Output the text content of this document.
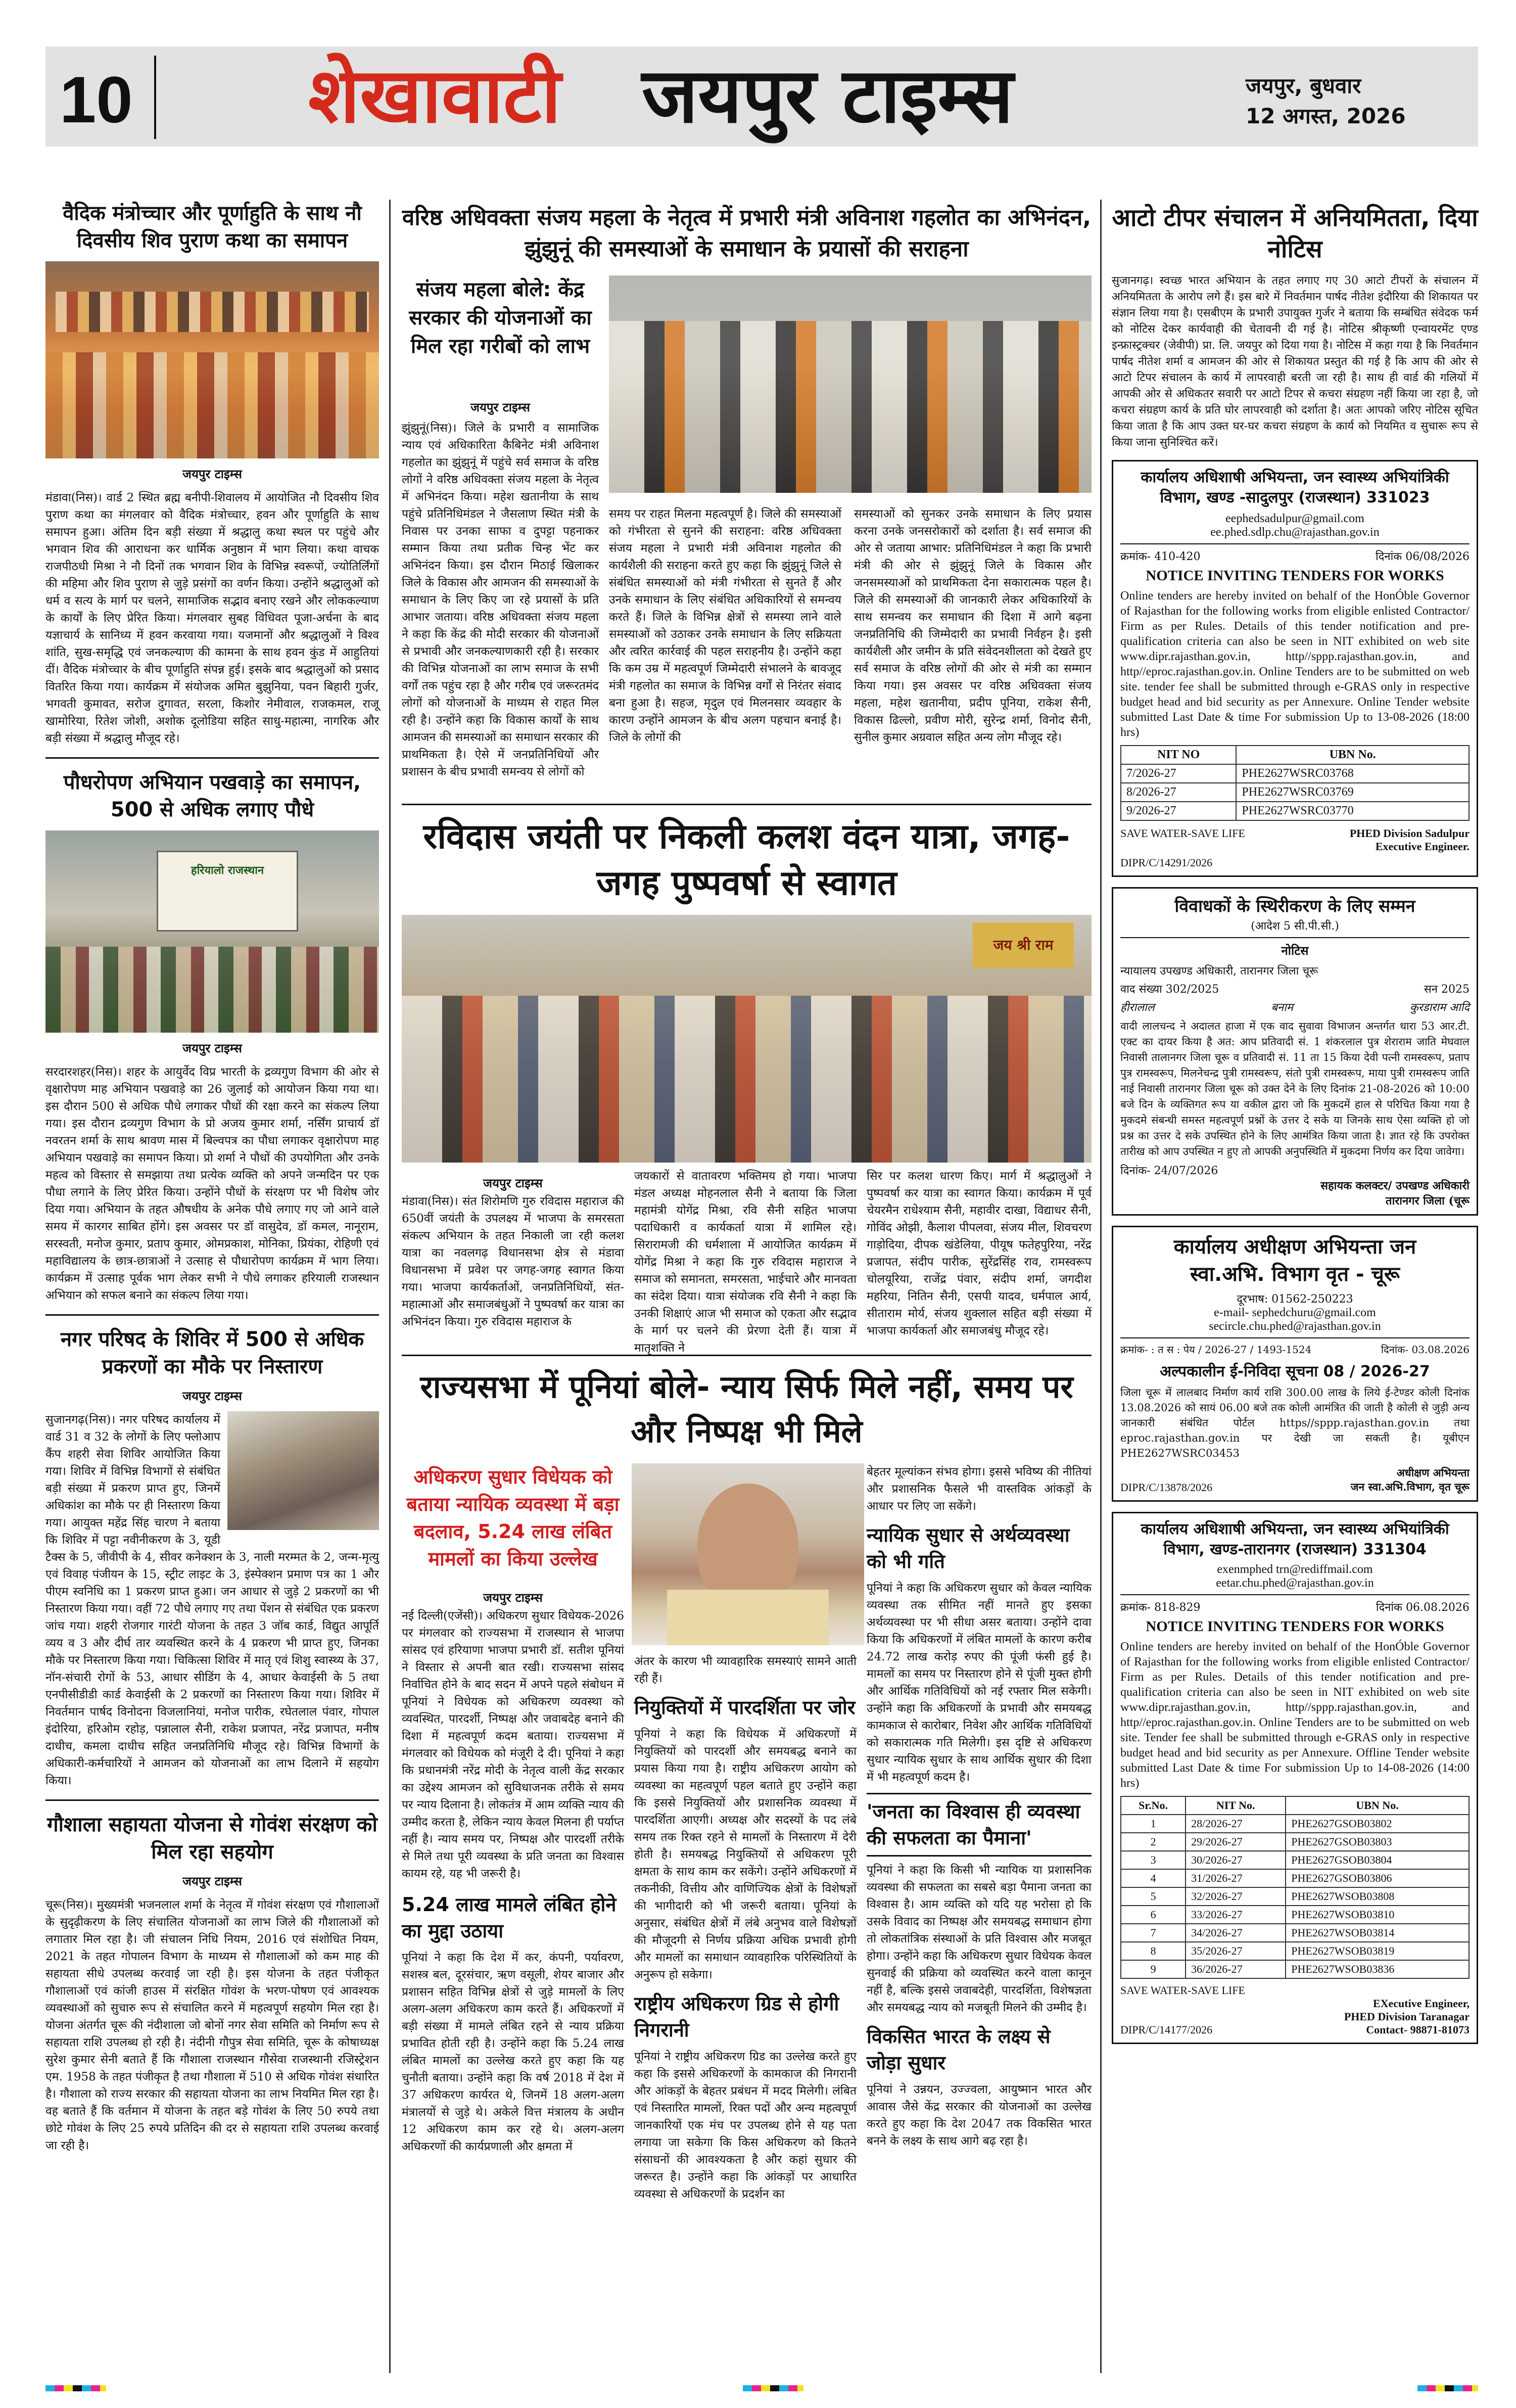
10 शेखावाटी जयपुर टाइम्स	जयपुर, बुधवार
12 अगस्त, 2026
वैदिक मंत्रोच्चार और पूर्णाहुति के साथ नौ दिवसीय शिव पुराण कथा का समापन
जयपुर टाइम्स
मंडावा(निस)। वार्ड 2 स्थित ब्रह्म बनीपी-शिवालय में आयोजित नौ दिवसीय शिव पुराण कथा का मंगलवार को वैदिक मंत्रोच्चार, हवन और पूर्णाहुति के साथ समापन हुआ। अंतिम दिन बड़ी संख्या में श्रद्धालु कथा स्थल पर पहुंचे और भगवान शिव की आराधना कर धार्मिक अनुष्ठान में भाग लिया। कथा वाचक राजपीठधी मिश्रा ने नौ दिनों तक भगवान शिव के विभिन्न स्वरूपों, ज्योतिर्लिंगों की महिमा और शिव पुराण से जुड़े प्रसंगों का वर्णन किया। उन्होंने श्रद्धालुओं को धर्म व सत्य के मार्ग पर चलने, सामाजिक सद्भाव बनाए रखने और लोककल्याण के कार्यों के लिए प्रेरित किया। मंगलवार सुबह विधिवत पूजा-अर्चना के बाद यज्ञाचार्य के सानिध्य में हवन करवाया गया। यजमानों और श्रद्धालुओं ने विश्व शांति, सुख-समृद्धि एवं जनकल्याण की कामना के साथ हवन कुंड में आहुतियां दीं। वैदिक मंत्रोच्चार के बीच पूर्णाहुति संपन्न हुई। इसके बाद श्रद्धालुओं को प्रसाद वितरित किया गया। कार्यक्रम में संयोजक अमित बुझुनिया, पवन बिहारी गुर्जर, भगवती कुमावत, सरोज दुगावत, सरला, किशोर नेमीवाल, राजकमल, राजू खामोरिया, रितेश जोशी, अशोक दूलोडिया सहित साधु-महात्मा, नागरिक और बड़ी संख्या में श्रद्धालु मौजूद रहे।
पौधरोपण अभियान पखवाड़े का समापन, 500 से अधिक लगाए पौधे
हरियालो राजस्थान
जयपुर टाइम्स
सरदारशहर(निस)। शहर के आयुर्वेद विप्र भारती के द्रव्यगुण विभाग की ओर से वृक्षारोपण माह अभियान पखवाड़े का 26 जुलाई को आयोजन किया गया था। इस दौरान 500 से अधिक पौधे लगाकर पौधों की रक्षा करने का संकल्प लिया गया। इस दौरान द्रव्यगुण विभाग के प्रो अजय कुमार शर्मा, नर्सिंग प्राचार्य डॉ नवरतन शर्मा के साथ श्रावण मास में बिल्वपत्र का पौधा लगाकर वृक्षारोपण माह अभियान पखवाड़े का समापन किया। प्रो शर्मा ने पौधों की उपयोगिता और उनके महत्व को विस्तार से समझाया तथा प्रत्येक व्यक्ति को अपने जन्मदिन पर एक पौधा लगाने के लिए प्रेरित किया। उन्होंने पौधों के संरक्षण पर भी विशेष जोर दिया गया। अभियान के तहत औषधीय के अनेक पौधे लगाए गए जो आने वाले समय में कारगर साबित होंगे। इस अवसर पर डॉ वासुदेव, डॉ कमल, नानूराम, सरस्वती, मनोज कुमार, प्रताप कुमार, ओमप्रकाश, मोनिका, प्रियंका, रोहिणी एवं महाविद्यालय के छात्र-छात्राओं ने उत्साह से पौधारोपण कार्यक्रम में भाग लिया। कार्यक्रम में उत्साह पूर्वक भाग लेकर सभी ने पौधे लगाकर हरियाली राजस्थान अभियान को सफल बनाने का संकल्प लिया गया।
नगर परिषद के शिविर में 500 से अधिक प्रकरणों का मौके पर निस्तारण
जयपुर टाइम्स
सुजानगढ़(निस)। नगर परिषद कार्यालय में वार्ड 31 व 32 के लोगों के लिए फ्लोआप कैंप शहरी सेवा शिविर आयोजित किया गया। शिविर में विभिन्न विभागों से संबंधित बड़ी संख्या में प्रकरण प्राप्त हुए, जिनमें अधिकांश का मौके पर ही निस्तारण किया गया। आयुक्त महेंद्र सिंह चारण ने बताया कि शिविर में पट्टा नवीनीकरण के 3, यूडी टैक्स के 5, जीवीपी के 4, सीवर कनेक्शन के 3, नाली मरम्मत के 2, जन्म-मृत्यु एवं विवाह पंजीयन के 15, स्ट्रीट लाइट के 3, इंस्पेक्शन प्रमाण पत्र का 1 और पीएम स्वनिधि का 1 प्रकरण प्राप्त हुआ। जन आधार से जुड़े 2 प्रकरणों का भी निस्तारण किया गया। वहीं 72 पौधे लगाए गए तथा पेंशन से संबंधित एक प्रकरण जांच गया। शहरी रोजगार गारंटी योजना के तहत 3 जॉब कार्ड, विद्युत आपूर्ति व्यय व 3 और दीर्घ तार व्यवस्थित करने के 4 प्रकरण भी प्राप्त हुए, जिनका मौके पर निस्तारण किया गया। चिकित्सा शिविर में मातृ एवं शिशु स्वास्थ्य के 37, नॉन-संचारी रोगों के 53, आधार सीडिंग के 4, आधार केवाईसी के 5 तथा एनपीसीडीडी कार्ड केवाईसी के 2 प्रकरणों का निस्तारण किया गया। शिविर में निवर्तमान पार्षद विनोदना विजलानियां, मनोज पारीक, रघेतलाल पंवार, गोपाल इंदोरिया, हरिओम रहोड़, पन्नालाल सैनी, राकेश प्रजापत, नरेंद्र प्रजापत, मनीष दाधीच, कमला दाधीच सहित जनप्रतिनिधि मौजूद रहे। विभिन्न विभागों के अधिकारी-कर्मचारियों ने आमजन को योजनाओं का लाभ दिलाने में सहयोग किया।
गौशाला सहायता योजना से गोवंश संरक्षण को मिल रहा सहयोग
जयपुर टाइम्स
चूरू(निस)। मुख्यमंत्री भजनलाल शर्मा के नेतृत्व में गोवंश संरक्षण एवं गौशालाओं के सुदृढ़ीकरण के लिए संचालित योजनाओं का लाभ जिले की गौशालाओं को लगातार मिल रहा है। जी संचालन निधि नियम, 2016 एवं संशोधित नियम, 2021 के तहत गोपालन विभाग के माध्यम से गौशालाओं को कम माह की सहायता सीधे उपलब्ध करवाई जा रही है। इस योजना के तहत पंजीकृत गौशालाओं एवं कांजी हाउस में संरक्षित गोवंश के भरण-पोषण एवं आवश्यक व्यवस्थाओं को सुचारु रूप से संचालित करने में महत्वपूर्ण सहयोग मिल रहा है। योजना अंतर्गत चूरू की नंदीशाला जो बोनों नगर सेवा समिति को निर्माण रूप से सहायता राशि उपलब्ध हो रही है। नंदीनी गौपुत्र सेवा समिति, चूरू के कोषाध्यक्ष सुरेश कुमार सेनी बताते हैं कि गौशाला राजस्थान गौसेवा राजस्थानी रजिस्ट्रेशन एम. 1958 के तहत पंजीकृत है तथा गौशाला में 510 से अधिक गोवंश संधारित है। गौशाला को राज्य सरकार की सहायता योजना का लाभ नियमित मिल रहा है। वह बताते हैं कि वर्तमान में योजना के तहत बड़े गोवंश के लिए 50 रुपये तथा छोटे गोवंश के लिए 25 रुपये प्रतिदिन की दर से सहायता राशि उपलब्ध करवाई जा रही है।
वरिष्ठ अधिवक्ता संजय महला के नेतृत्व में प्रभारी मंत्री अविनाश गहलोत का अभिनंदन, झुंझुनूं की समस्याओं के समाधान के प्रयासों की सराहना
संजय महला बोले: केंद्र सरकार की योजनाओं का मिल रहा गरीबों को लाभ
जयपुर टाइम्स
झुंझुनूं(निस)। जिले के प्रभारी व सामाजिक न्याय एवं अधिकारिता कैबिनेट मंत्री अविनाश गहलोत का झुंझुनूं में पहुंचे सर्व समाज के वरिष्ठ लोगों ने वरिष्ठ अधिवक्ता संजय महला के नेतृत्व में अभिनंदन किया। महेश खतानीया के साथ पहुंचे प्रतिनिधिमंडल ने जैसलाण स्थित मंत्री के निवास पर उनका साफा व दुपट्टा पहनाकर सम्मान किया तथा प्रतीक चिन्ह भेंट कर अभिनंदन किया। इस दौरान मिठाई खिलाकर जिले के विकास और आमजन की समस्याओं के समाधान के लिए किए जा रहे प्रयासों के प्रति आभार जताया। वरिष्ठ अधिवक्ता संजय महला ने कहा कि केंद्र की मोदी सरकार की योजनाओं से प्रभावी और जनकल्याणकारी रही है। सरकार की विभिन्न योजनाओं का लाभ समाज के सभी वर्गों तक पहुंच रहा है और गरीब एवं जरूरतमंद लोगों को योजनाओं के माध्यम से राहत मिल रही है। उन्होंने कहा कि विकास कार्यों के साथ आमजन की समस्याओं का समाधान सरकार की प्राथमिकता है। ऐसे में जनप्रतिनिधियों और प्रशासन के बीच प्रभावी समन्वय से लोगों को
समय पर राहत मिलना महत्वपूर्ण है। जिले की समस्याओं को गंभीरता से सुनने की सराहना: वरिष्ठ अधिवक्ता संजय महला ने प्रभारी मंत्री अविनाश गहलोत की कार्यशैली की सराहना करते हुए कहा कि झुंझुनूं जिले से संबंधित समस्याओं को मंत्री गंभीरता से सुनते हैं और उनके समाधान के लिए संबंधित अधिकारियों से समन्वय करते हैं। जिले के विभिन्न क्षेत्रों से समस्या लाने वाले समस्याओं को उठाकर उनके समाधान के लिए सक्रियता और त्वरित कार्रवाई की पहल सराहनीय है। उन्होंने कहा कि कम उम्र में महत्वपूर्ण जिम्मेदारी संभालने के बावजूद मंत्री गहलोत का समाज के विभिन्न वर्गों से निरंतर संवाद बना हुआ है। सहज, मृदुल एवं मिलनसार व्यवहार के कारण उन्होंने आमजन के बीच अलग पहचान बनाई है। जिले के लोगों की
समस्याओं को सुनकर उनके समाधान के लिए प्रयास करना उनके जनसरोकारों को दर्शाता है। सर्व समाज की ओर से जताया आभार: प्रतिनिधिमंडल ने कहा कि प्रभारी मंत्री की ओर से झुंझुनूं जिले के विकास और जनसमस्याओं को प्राथमिकता देना सकारात्मक पहल है। जिले की समस्याओं की जानकारी लेकर अधिकारियों के साथ समन्वय कर समाधान की दिशा में आगे बढ़ना जनप्रतिनिधि की जिम्मेदारी का प्रभावी निर्वहन है। इसी कार्यशैली और जमीन के प्रति संवेदनशीलता को देखते हुए सर्व समाज के वरिष्ठ लोगों की ओर से मंत्री का सम्मान किया गया। इस अवसर पर वरिष्ठ अधिवक्ता संजय महला, महेश खतानीया, प्रदीप पूनिया, राकेश सैनी, विकास ढिल्लो, प्रवीण मोरी, सुरेन्द्र शर्मा, विनोद सैनी, सुनील कुमार अग्रवाल सहित अन्य लोग मौजूद रहे।
रविदास जयंती पर निकली कलश वंदन यात्रा, जगह-जगह पुष्पवर्षा से स्वागत
जय श्री राम
जयपुर टाइम्स
मंडावा(निस)। संत शिरोमणि गुरु रविदास महाराज की 650वीं जयंती के उपलक्ष्य में भाजपा के समरसता संकल्प अभियान के तहत निकाली जा रही कलश यात्रा का नवलगढ़ विधानसभा क्षेत्र से मंडावा विधानसभा में प्रवेश पर जगह-जगह स्वागत किया गया। भाजपा कार्यकर्ताओं, जनप्रतिनिधियों, संत-महात्माओं और समाजबंधुओं ने पुष्पवर्षा कर यात्रा का अभिनंदन किया। गुरु रविदास महाराज के
जयकारों से वातावरण भक्तिमय हो गया। भाजपा मंडल अध्यक्ष मोहनलाल सैनी ने बताया कि जिला महामंत्री योगेंद्र मिश्रा, रवि सैनी सहित भाजपा पदाधिकारी व कार्यकर्ता यात्रा में शामिल रहे। सिरारामजी की धर्मशाला में आयोजित कार्यक्रम में योगेंद्र मिश्रा ने कहा कि गुरु रविदास महाराज ने समाज को समानता, समरसता, भाईचारे और मानवता का संदेश दिया। यात्रा संयोजक रवि सैनी ने कहा कि उनकी शिक्षाएं आज भी समाज को एकता और सद्भाव के मार्ग पर चलने की प्रेरणा देती हैं। यात्रा में मातृशक्ति ने
सिर पर कलश धारण किए। मार्ग में श्रद्धालुओं ने पुष्पवर्षा कर यात्रा का स्वागत किया। कार्यक्रम में पूर्व चेयरमैन राधेश्याम सैनी, महावीर दाखा, विद्याधर सैनी, गोविंद ओझी, कैलाश पीपलवा, संजय मील, शिवचरण गाड़ोदिया, दीपक खंडेलिया, पीयूष फतेहपुरिया, नरेंद्र प्रजापत, संदीप पारीक, सुरेंद्रसिंह राव, रामस्वरूप चोलयूरिया, राजेंद्र पंवार, संदीप शर्मा, जगदीश महरिया, नितिन सैनी, एसपी यादव, धर्मपाल आर्य, सीताराम मोर्य, संजय शुक्लाल सहित बड़ी संख्या में भाजपा कार्यकर्ता और समाजबंधु मौजूद रहे।
राज्यसभा में पूनियां बोले- न्याय सिर्फ मिले नहीं, समय पर और निष्पक्ष भी मिले
अधिकरण सुधार विधेयक को बताया न्यायिक व्यवस्था में बड़ा बदलाव, 5.24 लाख लंबित मामलों का किया उल्लेख
जयपुर टाइम्स
नई दिल्ली(एजेंसी)। अधिकरण सुधार विधेयक-2026 पर मंगलवार को राज्यसभा में राजस्थान से भाजपा सांसद एवं हरियाणा भाजपा प्रभारी डॉ. सतीश पूनियां ने विस्तार से अपनी बात रखी। राज्यसभा सांसद निर्वाचित होने के बाद सदन में अपने पहले संबोधन में पूनियां ने विधेयक को अधिकरण व्यवस्था को व्यवस्थित, पारदर्शी, निष्पक्ष और जवाबदेह बनाने की दिशा में महत्वपूर्ण कदम बताया। राज्यसभा में मंगलवार को विधेयक को मंजूरी दे दी। पूनियां ने कहा कि प्रधानमंत्री नरेंद्र मोदी के नेतृत्व वाली केंद्र सरकार का उद्देश्य आमजन को सुविधाजनक तरीके से समय पर न्याय दिलाना है। लोकतंत्र में आम व्यक्ति न्याय की उम्मीद करता है, लेकिन न्याय केवल मिलना ही पर्याप्त नहीं है। न्याय समय पर, निष्पक्ष और पारदर्शी तरीके से मिले तथा पूरी व्यवस्था के प्रति जनता का विश्वास कायम रहे, यह भी जरूरी है।
5.24 लाख मामले लंबित होने का मुद्दा उठाया
पूनियां ने कहा कि देश में कर, कंपनी, पर्यावरण, सशस्त्र बल, दूरसंचार, ऋण वसूली, शेयर बाजार और प्रशासन सहित विभिन्न क्षेत्रों से जुड़े मामलों के लिए अलग-अलग अधिकरण काम करते हैं। अधिकरणों में बड़ी संख्या में मामले लंबित रहने से न्याय प्रक्रिया प्रभावित होती रही है। उन्होंने कहा कि 5.24 लाख लंबित मामलों का उल्लेख करते हुए कहा कि यह चुनौती बताया। उन्होंने कहा कि वर्ष 2018 में देश में 37 अधिकरण कार्यरत थे, जिनमें 18 अलग-अलग मंत्रालयों से जुड़े थे। अकेले वित्त मंत्रालय के अधीन 12 अधिकरण काम कर रहे थे। अलग-अलग अधिकरणों की कार्यप्रणाली और क्षमता में
अंतर के कारण भी व्यावहारिक समस्याएं सामने आती रही हैं।
नियुक्तियों में पारदर्शिता पर जोर
पूनियां ने कहा कि विधेयक में अधिकरणों में नियुक्तियों को पारदर्शी और समयबद्ध बनाने का प्रयास किया गया है। राष्ट्रीय अधिकरण आयोग को व्यवस्था का महत्वपूर्ण पहल बताते हुए उन्होंने कहा कि इससे नियुक्तियों और प्रशासनिक व्यवस्था में पारदर्शिता आएगी। अध्यक्ष और सदस्यों के पद लंबे समय तक रिक्त रहने से मामलों के निस्तारण में देरी होती है। समयबद्ध नियुक्तियों से अधिकरण पूरी क्षमता के साथ काम कर सकेंगे। उन्होंने अधिकरणों में तकनीकी, वित्तीय और वाणिज्यिक क्षेत्रों के विशेषज्ञों की भागीदारी को भी जरूरी बताया। पूनियां के अनुसार, संबंधित क्षेत्रों में लंबे अनुभव वाले विशेषज्ञों की मौजूदगी से निर्णय प्रक्रिया अधिक प्रभावी होगी और मामलों का समाधान व्यावहारिक परिस्थितियों के अनुरूप हो सकेगा।
राष्ट्रीय अधिकरण ग्रिड से होगी निगरानी
पूनियां ने राष्ट्रीय अधिकरण ग्रिड का उल्लेख करते हुए कहा कि इससे अधिकरणों के कामकाज की निगरानी और आंकड़ों के बेहतर प्रबंधन में मदद मिलेगी। लंबित एवं निस्तारित मामलों, रिक्त पदों और अन्य महत्वपूर्ण जानकारियों एक मंच पर उपलब्ध होने से यह पता लगाया जा सकेगा कि किस अधिकरण को कितने संसाधनों की आवश्यकता है और कहां सुधार की जरूरत है। उन्होंने कहा कि आंकड़ों पर आधारित व्यवस्था से अधिकरणों के प्रदर्शन का
बेहतर मूल्यांकन संभव होगा। इससे भविष्य की नीतियां और प्रशासनिक फैसले भी वास्तविक आंकड़ों के आधार पर लिए जा सकेंगे।
न्यायिक सुधार से अर्थव्यवस्था को भी गति
पूनियां ने कहा कि अधिकरण सुधार को केवल न्यायिक व्यवस्था तक सीमित नहीं मानते हुए इसका अर्थव्यवस्था पर भी सीधा असर बताया। उन्होंने दावा किया कि अधिकरणों में लंबित मामलों के कारण करीब 24.72 लाख करोड़ रुपए की पूंजी फंसी हुई है। मामलों का समय पर निस्तारण होने से पूंजी मुक्त होगी और आर्थिक गतिविधियों को नई रफ्तार मिल सकेगी। उन्होंने कहा कि अधिकरणों के प्रभावी और समयबद्ध कामकाज से कारोबार, निवेश और आर्थिक गतिविधियों को सकारात्मक गति मिलेगी। इस दृष्टि से अधिकरण सुधार न्यायिक सुधार के साथ आर्थिक सुधार की दिशा में भी महत्वपूर्ण कदम है।
'जनता का विश्वास ही व्यवस्था की सफलता का पैमाना'
पूनियां ने कहा कि किसी भी न्यायिक या प्रशासनिक व्यवस्था की सफलता का सबसे बड़ा पैमाना जनता का विश्वास है। आम व्यक्ति को यदि यह भरोसा हो कि उसके विवाद का निष्पक्ष और समयबद्ध समाधान होगा तो लोकतांत्रिक संस्थाओं के प्रति विश्वास और मजबूत होगा। उन्होंने कहा कि अधिकरण सुधार विधेयक केवल सुनवाई की प्रक्रिया को व्यवस्थित करने वाला कानून नहीं है, बल्कि इससे जवाबदेही, पारदर्शिता, विशेषज्ञता और समयबद्ध न्याय को मजबूती मिलने की उम्मीद है।
विकसित भारत के लक्ष्य से जोड़ा सुधार
पूनियां ने उन्नयन, उज्ज्वला, आयुष्मान भारत और आवास जैसे केंद्र सरकार की योजनाओं का उल्लेख करते हुए कहा कि देश 2047 तक विकसित भारत बनने के लक्ष्य के साथ आगे बढ़ रहा है।
आटो टीपर संचालन में अनियमितता, दिया नोटिस
सुजानगढ़। स्वच्छ भारत अभियान के तहत लगाए गए 30 आटो टीपरों के संचालन में अनियमितता के आरोप लगे हैं। इस बारे में निवर्तमान पार्षद नीतेश इंदौरिया की शिकायत पर संज्ञान लिया गया है। एसबीएम के प्रभारी उपायुक्त गुर्जर ने बताया कि सम्बंधित संवेदक फर्म को नोटिस देकर कार्यवाही की चेतावनी दी गई है। नोटिस श्रीकृष्णी एन्वायरमेंट एण्ड इन्फ्रास्ट्रक्चर (जेवीपी) प्रा. लि. जयपुर को दिया गया है। नोटिस में कहा गया है कि निवर्तमान पार्षद नीतेश शर्मा व आमजन की ओर से शिकायत प्रस्तुत की गई है कि आप की ओर से आटो टिपर संचालन के कार्य में लापरवाही बरती जा रही है। साथ ही वार्ड की गलियों में आपकी ओर से अधिकतर सवारी पर आटो टिपर से कचरा संग्रहण नहीं किया जा रहा है, जो कचरा संग्रहण कार्य के प्रति घोर लापरवाही को दर्शाता है। अतः आपको जरिए नोटिस सूचित किया जाता है कि आप उक्त घर-घर कचरा संग्रहण के कार्य को नियमित व सुचारू रूप से किया जाना सुनिश्चित करें।
कार्यालय अधिशाषी अभियन्ता, जन स्वास्थ्य अभियांत्रिकी विभाग, खण्ड -सादुलपुर (राजस्थान) 331023
eephedsadulpur@gmail.com
ee.phed.sdlp.chu@rajasthan.gov.in
क्रमांक- 410-420	दिनांक 06/08/2026
NOTICE INVITING TENDERS FOR WORKS
Online tenders are hereby invited on behalf of the HonÓble Governor of Rajasthan for the following works from eligible enlisted Contractor/ Firm as per Rules. Details of this tender notification and pre-qualification criteria can also be seen in NIT exhibited on web site www.dipr.rajasthan.gov.in, http//sppp.rajasthan.gov.in, and http//eproc.rajasthan.gov.in. Online Tenders are to be submitted on web site. tender fee shall be submitted through e-GRAS only in respective budget head and bid security as per Annexure. Online Tender website submitted Last Date & time For submission Up to 13-08-2026 (18:00 hrs)
NIT NO	UBN No.
7/2026-27	PHE2627WSRC03768
8/2026-27	PHE2627WSRC03769
9/2026-27	PHE2627WSRC03770
SAVE WATER-SAVE LIFE	PHED Division Sadulpur
Executive Engineer.
DIPR/C/14291/2026
विवाधकों के स्थिरीकरण के लिए सम्मन
(आदेश 5 सी.पी.सी.)
नोटिस
न्यायालय उपखण्ड अधिकारी, तारानगर जिला चूरू
वाद संख्या 302/2025	सन 2025
हीरालाल	बनाम	कुरडाराम आदि
वादी लालचन्द ने अदालत हाजा में एक वाद सुवावा विभाजन अन्तर्गत धारा 53 आर.टी. एक्ट का दायर किया है अत: आप प्रतिवादी सं. 1 शंकरलाल पुत्र शेराराम जाति मेघवाल निवासी तालानगर जिला चूरू व प्रतिवादी सं. 11 ता 15 किया देवी पत्नी रामस्वरूप, प्रताप पुत्र रामस्वरूप, मिलनेचन्द्र पुत्री रामस्वरूप, संतो पुत्री रामस्वरूप, माया पुत्री रामस्वरूप जाति नाई निवासी तारानगर जिला चूरू को उक्त देने के लिए दिनांक 21-08-2026 को 10:00 बजे दिन के व्यक्तिगत रूप या वकील द्वारा जो कि मुकदमें हाल से परिचित किया गया है मुकदमे संबन्धी समस्त महत्वपूर्ण प्रश्नों के उत्तर दे सके या जिनके साथ ऐसा व्यक्ति हो जो प्रश्न का उत्तर दे सके उपस्थित होने के लिए आमंत्रित किया जाता है। ज्ञात रहे कि उपरोक्त तारीख को आप उपस्थित न हुए तो आपकी अनुपस्थिति में मुकदमा निर्णय कर दिया जावेगा।
दिनांक- 24/07/2026
सहायक कलक्टर/ उपखण्ड अधिकारी
तारानगर जिला (चूरू
कार्यालय अधीक्षण अभियन्ता जन
स्वा.अभि. विभाग वृत - चूरू
दूरभाष: 01562-250223
e-mail- sephedchuru@gmail.com
secircle.chu.phed@rajasthan.gov.in
क्रमांक- : त स : पेय / 2026-27 / 1493-1524	दिनांक- 03.08.2026
अल्पकालीन ई-निविदा सूचना 08 / 2026-27
जिला चूरू में लालबाद निर्माण कार्य राशि 300.00 लाख के लिये ई-टेण्डर कोली दिनांक 13.08.2026 को सायं 06.00 बजे तक कोली आमंत्रित की जाती है कोली से जुड़ी अन्य जानकारी संबंधित पोर्टल https//sppp.rajasthan.gov.in तथा eproc.rajasthan.gov.in पर देखी जा सकती है। यूबीएन PHE2627WSRC03453
DIPR/C/13878/2026
अधीक्षण अभियन्ता
जन स्वा.अभि.विभाग, वृत चूरू
कार्यालय अधिशाषी अभियन्ता, जन स्वास्थ्य अभियांत्रिकी विभाग, खण्ड-तारानगर (राजस्थान) 331304
exenmphed trn@rediffmail.com
eetar.chu.phed@rajasthan.gov.in
क्रमांक- 818-829	दिनांक 06.08.2026
NOTICE INVITING TENDERS FOR WORKS
Online tenders are hereby invited on behalf of the HonÓble Governor of Rajasthan for the following works from eligible enlisted Contractor/ Firm as per Rules. Details of this tender notification and pre-qualification criteria can also be seen in NIT exhibited on web site www.dipr.rajasthan.gov.in, http//sppp.rajasthan.gov.in, and http//eproc.rajasthan.gov.in. Online Tenders are to be submitted on web site. Tender fee shall be submitted through e-GRAS only in respective budget head and bid security as per Annexure. Offline Tender website submitted Last Date & time For submission Up to 14-08-2026 (14:00 hrs)
Sr.No.	NIT No.	UBN No.
1	28/2026-27	PHE2627GSOB03802
2	29/2026-27	PHE2627GSOB03803
3	30/2026-27	PHE2627GSOB03804
4	31/2026-27	PHE2627GSOB03806
5	32/2026-27	PHE2627WSOB03808
6	33/2026-27	PHE2627WSOB03810
7	34/2026-27	PHE2627WSOB03814
8	35/2026-27	PHE2627WSOB03819
9	36/2026-27	PHE2627WSOB03836
SAVE WATER-SAVE LIFE
EXecutive Engineer,
PHED Division Taranagar
Contact- 98871-81073
DIPR/C/14177/2026
